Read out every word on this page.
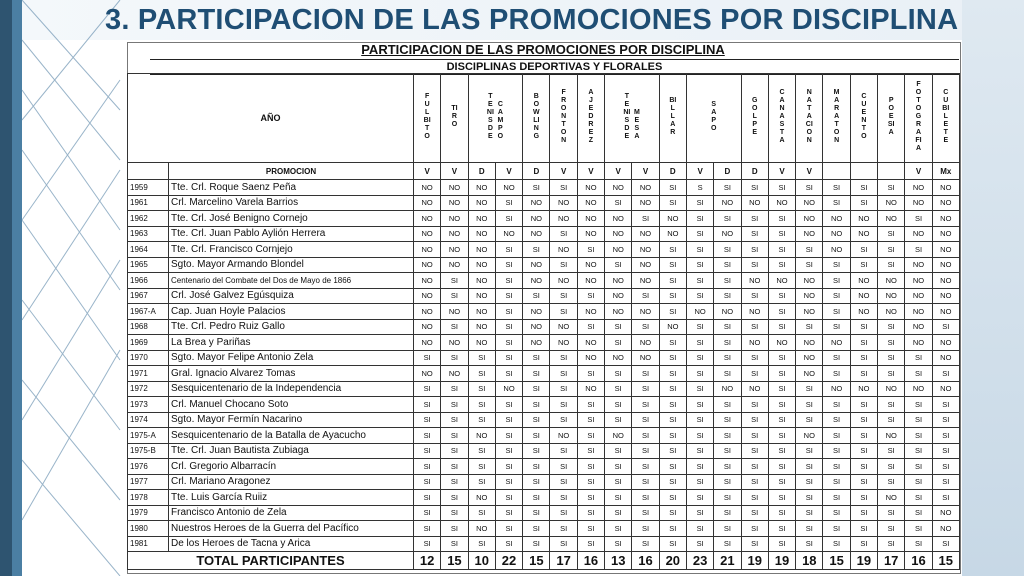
3. PARTICIPACION DE LAS PROMOCIONES POR DISCIPLINA
PARTICIPACION DE LAS PROMOCIONES POR DISCIPLINA
DISCIPLINAS DEPORTIVAS Y FLORALES
AÑO		FULBITO	TIRO	TENIS DECAMPO		BOWLING	FRONTON	AJEDREZ	TENIS DEMESA		BILLAR	SAPO		GOLPE	CANASTA	NATACION	MARATON	CUENTO	POESIA	FOTOGRAFIA	CUBILETE	
	PROMOCION	V	V	D	V	D	V	V	V	V	D	V	D	D	V	V				V	Mx	
1959	Tte. Crl. Roque Saenz Peña	NO	NO	NO	NO	SI	SI	NO	NO	NO	SI	S	SI	SI	SI	SI	SI	SI	SI	NO	NO	
1961	Crl. Marcelino Varela Barrios	NO	NO	NO	SI	NO	NO	NO	SI	NO	SI	SI	NO	NO	NO	NO	SI	SI	NO	NO	NO	
1962	Tte. Crl. José Benigno Cornejo	NO	NO	NO	SI	NO	NO	NO	NO	SI	NO	SI	SI	SI	SI	NO	NO	NO	NO	SI	NO	
1963	Tte. Crl. Juan Pablo Aylión Herrera	NO	NO	NO	NO	NO	SI	NO	NO	NO	NO	SI	NO	SI	SI	NO	NO	NO	SI	NO	NO	
1964	Tte. Crl. Francisco Cornjejo	NO	NO	NO	SI	SI	NO	SI	NO	NO	SI	SI	SI	SI	SI	SI	NO	SI	SI	SI	NO	
1965	Sgto. Mayor Armando Blondel	NO	NO	NO	SI	NO	SI	NO	SI	NO	SI	SI	SI	SI	SI	SI	SI	SI	SI	NO	NO	
1966	Centenario del Combate del Dos de Mayo de 1866	NO	SI	NO	SI	NO	NO	NO	NO	NO	SI	SI	SI	NO	NO	NO	SI	NO	NO	NO	NO	
1967	Crl. José Galvez Egúsquiza	NO	SI	NO	SI	SI	SI	SI	NO	SI	SI	SI	SI	SI	SI	NO	SI	NO	NO	NO	NO	
1967-A	Cap. Juan Hoyle Palacios	NO	NO	NO	SI	NO	SI	NO	NO	NO	SI	NO	NO	NO	SI	NO	SI	NO	NO	NO	NO	
1968	Tte. Crl. Pedro Ruiz Gallo	NO	SI	NO	SI	NO	NO	SI	SI	SI	NO	SI	SI	SI	SI	SI	SI	SI	SI	NO	SI	
1969	La Brea y Pariñas	NO	NO	NO	SI	NO	NO	NO	SI	NO	SI	SI	SI	NO	NO	NO	NO	SI	SI	NO	NO	
1970	Sgto. Mayor Felipe Antonio Zela	SI	SI	SI	SI	SI	SI	NO	NO	NO	SI	SI	SI	SI	SI	NO	SI	SI	SI	SI	NO	
1971	Gral. Ignacio Alvarez Tomas	NO	NO	SI	SI	SI	SI	SI	SI	SI	SI	SI	SI	SI	SI	NO	SI	SI	SI	SI	SI	
1972	Sesquicentenario de la Independencia	SI	SI	SI	NO	SI	SI	NO	SI	SI	SI	SI	NO	NO	SI	SI	NO	NO	NO	NO	NO	
1973	Crl. Manuel Chocano Soto	SI	SI	SI	SI	SI	SI	SI	SI	SI	SI	SI	SI	SI	SI	SI	SI	SI	SI	SI	SI	
1974	Sgto. Mayor Fermín Nacarino	SI	SI	SI	SI	SI	SI	SI	SI	SI	SI	SI	SI	SI	SI	SI	SI	SI	SI	SI	SI	
1975-A	Sesquicentenario de la Batalla de Ayacucho	SI	SI	NO	SI	SI	NO	SI	NO	SI	SI	SI	SI	SI	SI	NO	SI	SI	NO	SI	SI	
1975-B	Tte. Crl. Juan Bautista Zubiaga	SI	SI	SI	SI	SI	SI	SI	SI	SI	SI	SI	SI	SI	SI	SI	SI	SI	SI	SI	SI	
1976	Crl. Gregorio Albarracín	SI	SI	SI	SI	SI	SI	SI	SI	SI	SI	SI	SI	SI	SI	SI	SI	SI	SI	SI	SI	
1977	Crl. Mariano Aragonez	SI	SI	SI	SI	SI	SI	SI	SI	SI	SI	SI	SI	SI	SI	SI	SI	SI	SI	SI	SI	
1978	Tte. Luis García Ruiiz	SI	SI	NO	SI	SI	SI	SI	SI	SI	SI	SI	SI	SI	SI	SI	SI	SI	NO	SI	SI	
1979	Francisco Antonio de Zela	SI	SI	SI	SI	SI	SI	SI	SI	SI	SI	SI	SI	SI	SI	SI	SI	SI	SI	SI	NO	
1980	Nuestros Heroes de la Guerra del Pacífico	SI	SI	NO	SI	SI	SI	SI	SI	SI	SI	SI	SI	SI	SI	SI	SI	SI	SI	SI	NO	
1981	De los Heroes de Tacna y Arica	SI	SI	SI	SI	SI	SI	SI	SI	SI	SI	SI	SI	SI	SI	SI	SI	SI	SI	SI	SI	
TOTAL PARTICIPANTES		12	15	10	22	15	17	16	13	16	20	23	21	19	19	18	15	19	17	16	15	
